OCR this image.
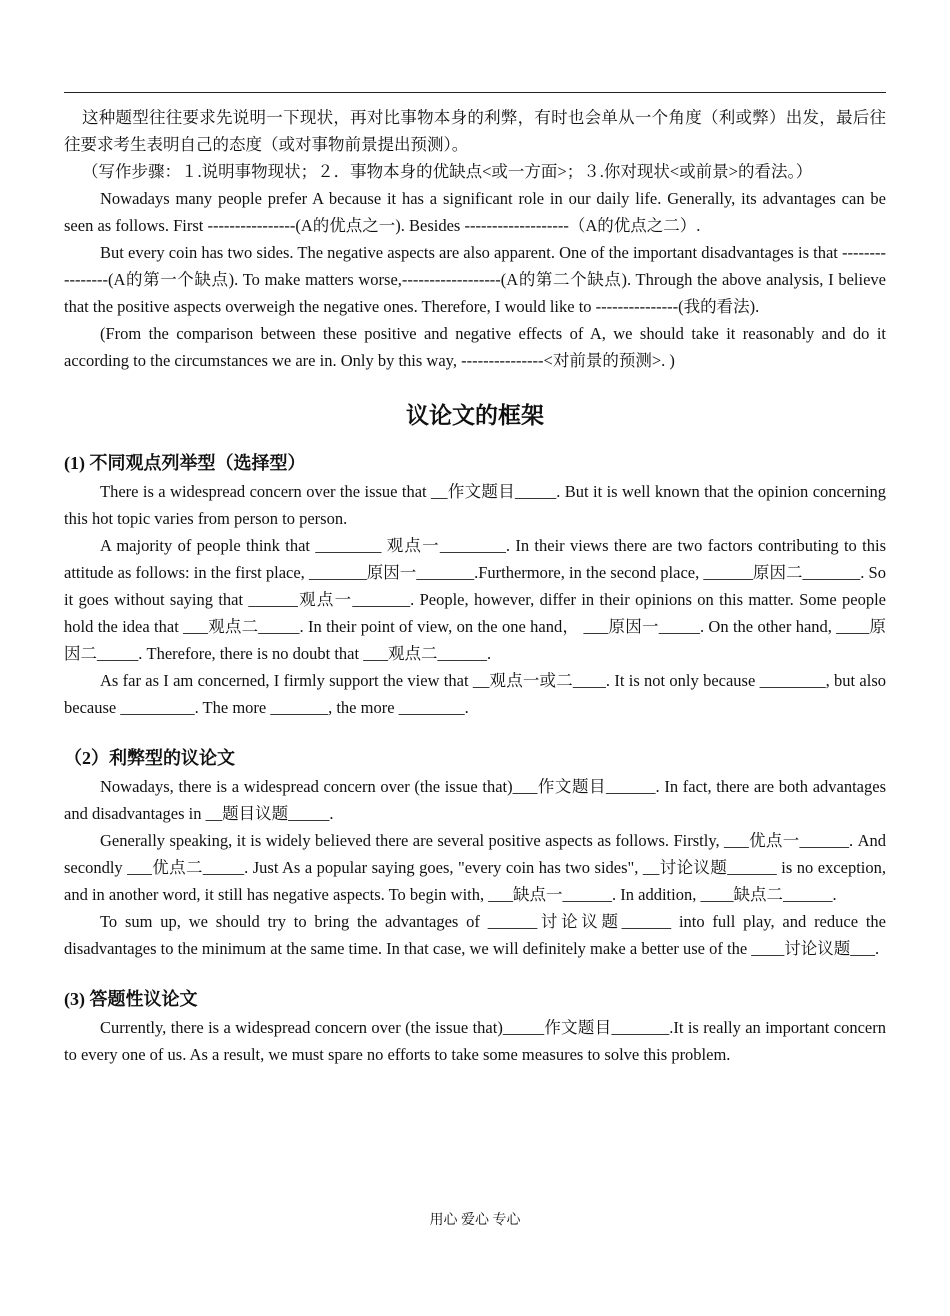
这种题型往往要求先说明一下现状，再对比事物本身的利弊，有时也会单从一个角度（利或弊）出发，最后往往要求考生表明自己的态度（或对事物前景提出预测）。

（写作步骤：１.说明事物现状；２．事物本身的优缺点<或一方面>；３.你对现状<或前景>的看法。）

Nowadays many people prefer A because it has a significant role in our daily life. Generally, its advantages can be seen as follows. First ----------------(A的优点之一). Besides -------------------（A的优点之二）.

But every coin has two sides. The negative aspects are also apparent. One of the important disadvantages is that ----------------(A的第一个缺点). To make matters worse,------------------(A的第二个缺点). Through the above analysis, I believe that the positive aspects overweigh the negative ones. Therefore, I would like to ---------------(我的看法).

(From the comparison between these positive and negative effects of A, we should take it reasonably and do it according to the circumstances we are in. Only by this way, ---------------<对前景的预测>. )

议论文的框架
(1) 不同观点列举型（选择型）

There is a widespread concern over the issue that __作文题目_____. But it is well known that the opinion concerning this hot topic varies from person to person.

A majority of people think that ________ 观点一________. In their views there are two factors contributing to this attitude as follows: in the first place, _______原因一_______.Furthermore, in the second place, ______原因二_______. So it goes without saying that ______观点一_______. People, however, differ in their opinions on this matter. Some people hold the idea that ___观点二_____. In their point of view, on the one hand， ___原因一_____. On the other hand, ____原因二_____. Therefore, there is no doubt that ___观点二______.

As far as I am concerned, I firmly support the view that __观点一或二____. It is not only because ________, but also because _________. The more _______, the more ________.

（2）利弊型的议论文

Nowadays, there is a widespread concern over (the issue that)___作文题目______. In fact, there are both advantages and disadvantages in __题目议题_____.

Generally speaking, it is widely believed there are several positive aspects as follows. Firstly, ___优点一______. And secondly ___优点二_____. Just As a popular saying goes, "every coin has two sides", __讨论议题______ is no exception, and in another word, it still has negative aspects. To begin with, ___缺点一______. In addition, ____缺点二______.

To sum up, we should try to bring the advantages of ______讨论议题______ into full play, and reduce the disadvantages to the minimum at the same time. In that case, we will definitely make a better use of the ____讨论议题___.

(3) 答题性议论文

Currently, there is a widespread concern over (the issue that)_____作文题目_______.It is really an important concern to every one of us. As a result, we must spare no efforts to take some measures to solve this problem.

用心 爱心 专心
